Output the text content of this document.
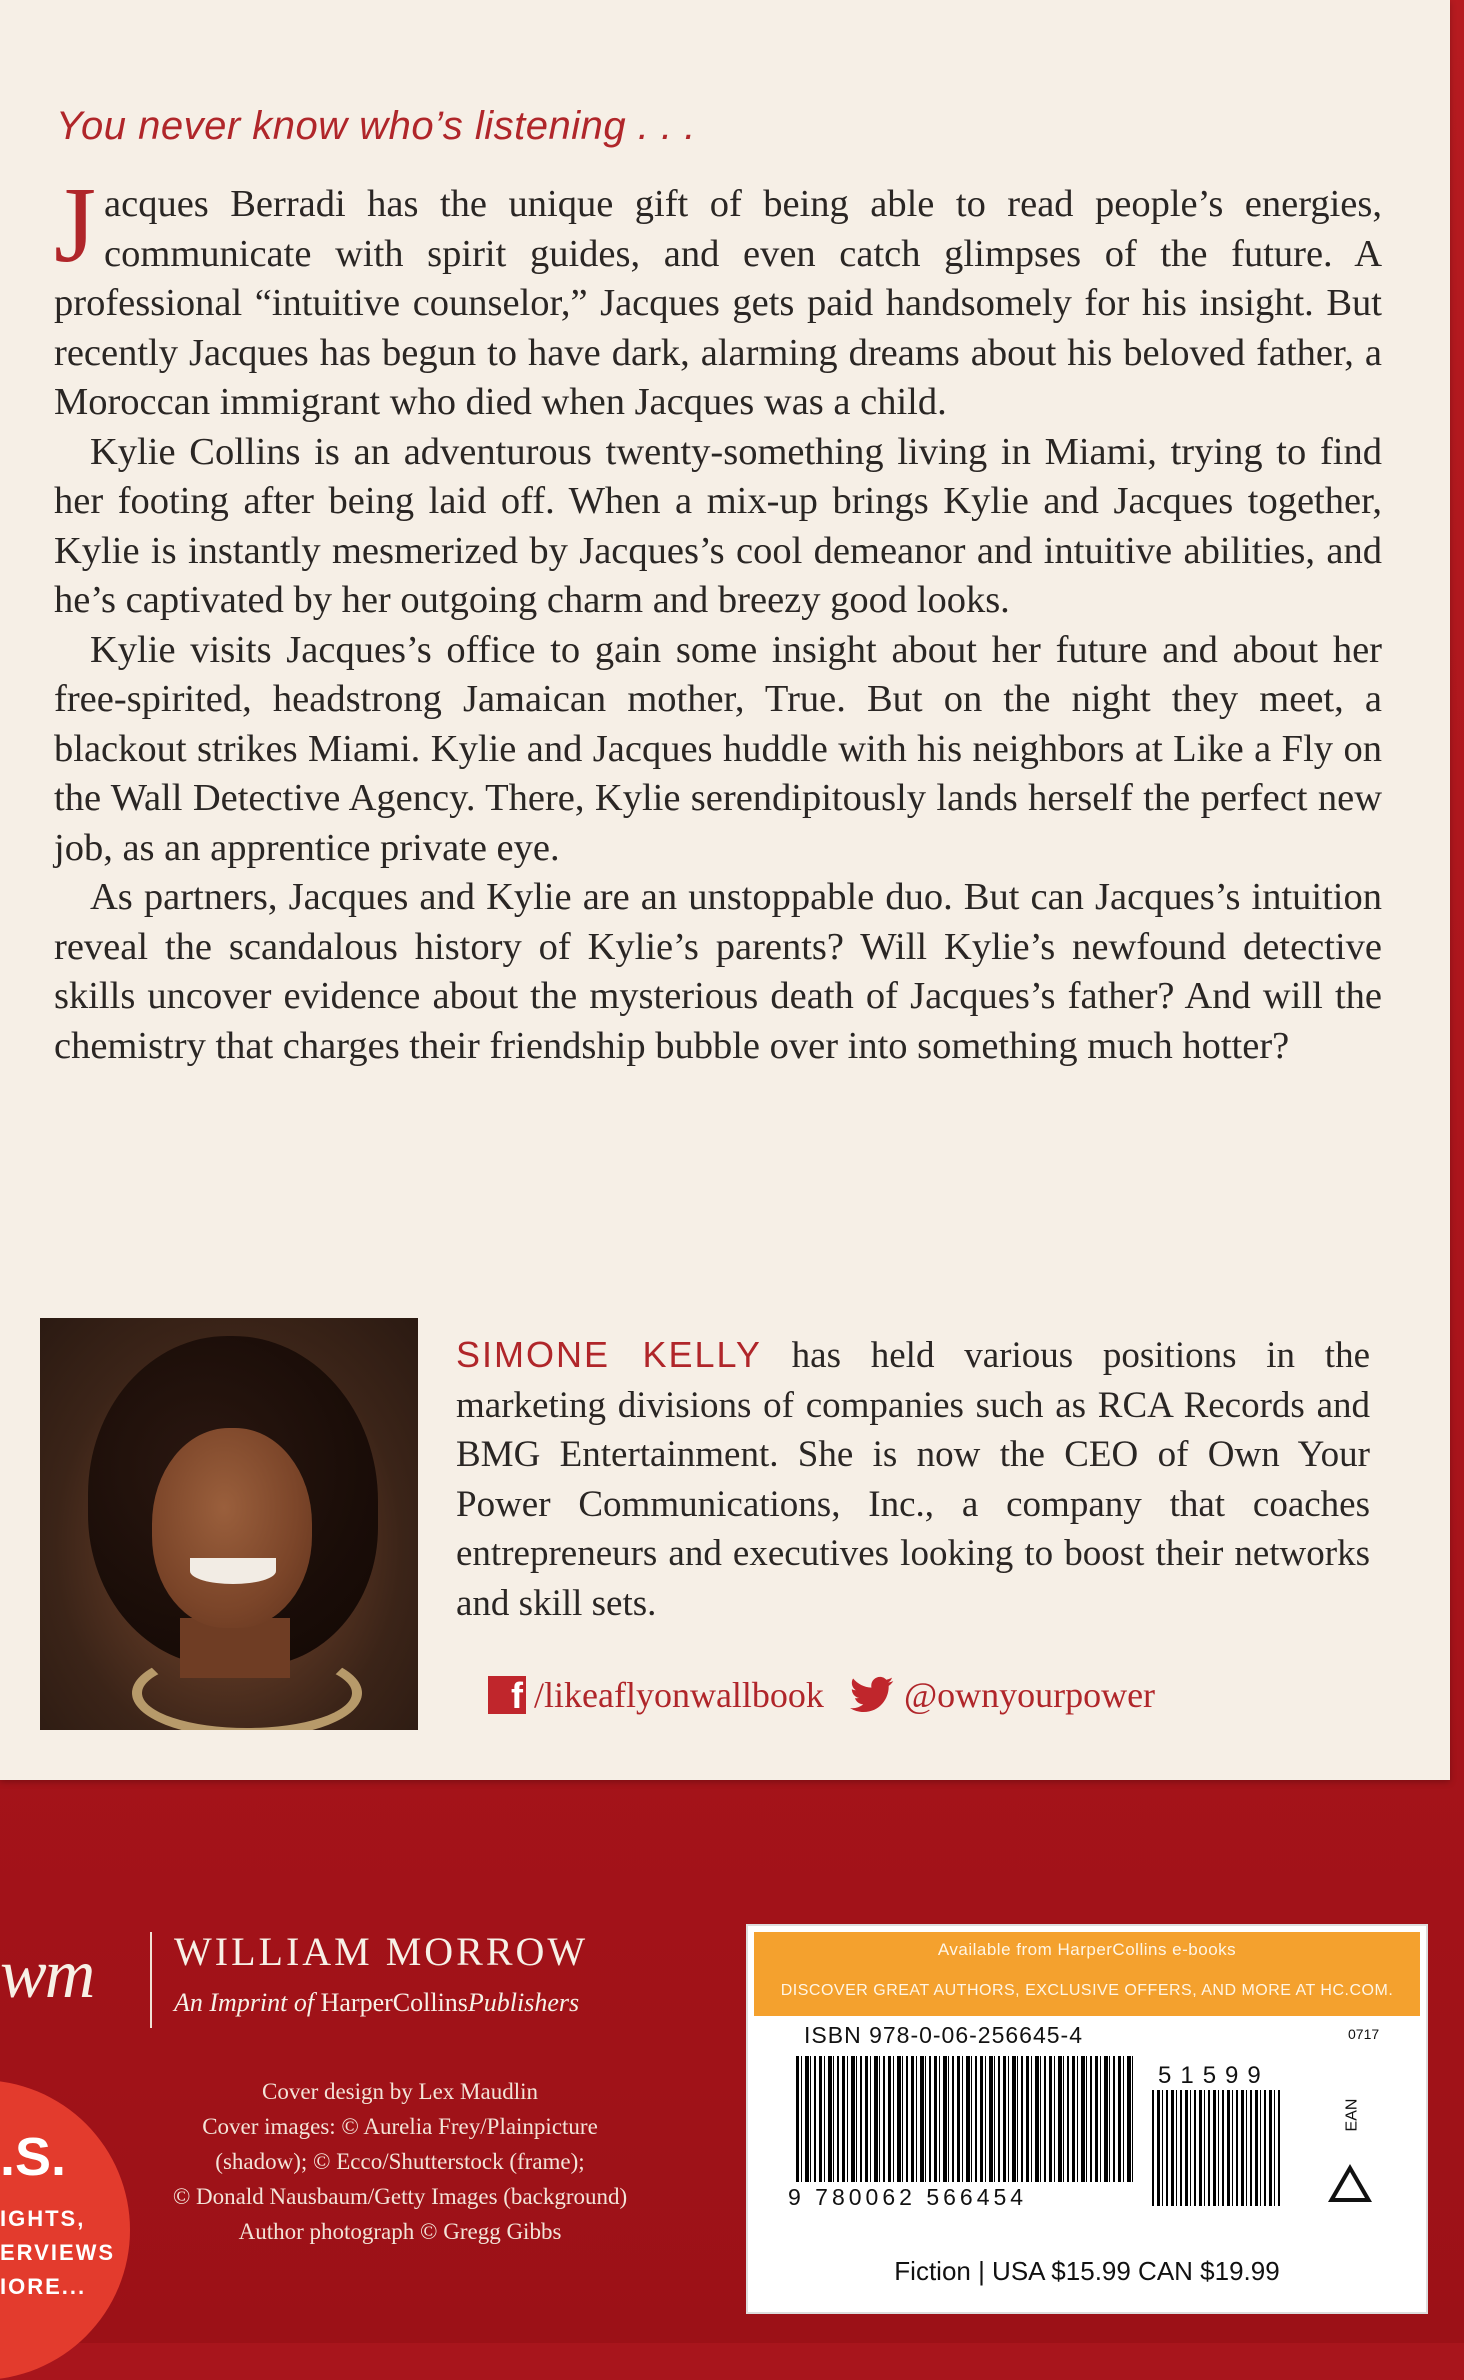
You never know who’s listening . . .

Jacques Berradi has the unique gift of being able to read people’s energies, communicate with spirit guides, and even catch glimpses of the future. A professional “intuitive counselor,” Jacques gets paid handsomely for his insight. But recently Jacques has begun to have dark, alarming dreams about his beloved father, a Moroccan immigrant who died when Jacques was a child.

Kylie Collins is an adventurous twenty-something living in Miami, trying to find her footing after being laid off. When a mix-up brings Kylie and Jacques together, Kylie is instantly mesmerized by Jacques’s cool demeanor and intuitive abilities, and he’s captivated by her outgoing charm and breezy good looks.

Kylie visits Jacques’s office to gain some insight about her future and about her free-spirited, headstrong Jamaican mother, True. But on the night they meet, a blackout strikes Miami. Kylie and Jacques huddle with his neighbors at Like a Fly on the Wall Detective Agency. There, Kylie serendipitously lands herself the perfect new job, as an apprentice private eye.

As partners, Jacques and Kylie are an unstoppable duo. But can Jacques’s intuition reveal the scandalous history of Kylie’s parents? Will Kylie’s newfound detective skills uncover evidence about the mysterious death of Jacques’s father? And will the chemistry that charges their friendship bubble over into something much hotter?

SIMONE KELLY has held various positions in the marketing divisions of companies such as RCA Records and BMG Entertainment. She is now the CEO of Own Your Power Communications, Inc., a company that coaches entrepreneurs and executives looking to boost their networks and skill sets.
f /likeaflyonwallbook @ownyourpower
.S.
IGHTS,
ERVIEWS
IORE...
wm WILLIAM MORROW
An Imprint of HarperCollinsPublishers
Cover design by Lex Maudlin
Cover images: © Aurelia Frey/Plainpicture
(shadow); © Ecco/Shutterstock (frame);
© Donald Nausbaum/Getty Images (background)
Author photograph © Gregg Gibbs
Available from HarperCollins e-books
DISCOVER GREAT AUTHORS, EXCLUSIVE OFFERS, AND MORE AT HC.COM.
ISBN 978-0-06-256645-4	0717
51599
9 780062 566454
EAN
Fiction | USA $15.99 CAN $19.99
